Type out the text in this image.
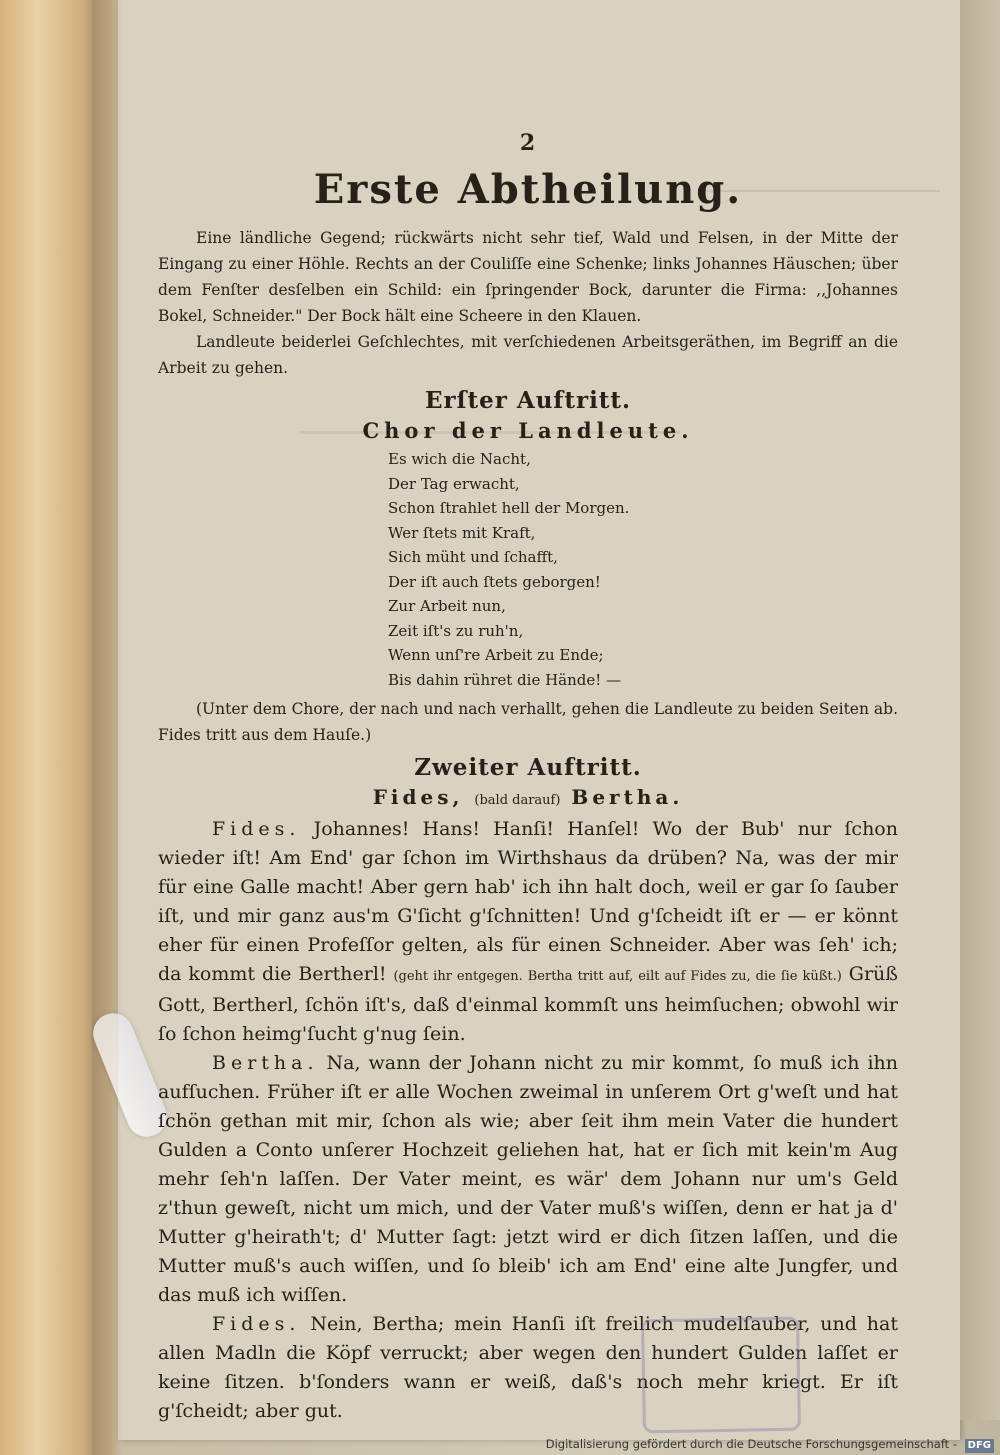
2
Erste Abtheilung.

Eine ländliche Gegend; rückwärts nicht sehr tief, Wald und Felsen, in der Mitte der Eingang zu einer Höhle. Rechts an der Couliſſe eine Schenke; links Johannes Häuschen; über dem Fenſter desſelben ein Schild: ein ſpringender Bock, darunter die Firma: ,,Johannes Bokel, Schneider." Der Bock hält eine Scheere in den Klauen.

Landleute beiderlei Geſchlechtes, mit verſchiedenen Arbeitsgeräthen, im Begriff an die Arbeit zu gehen.

Erſter Auftritt.
Chor der Landleute.
Es wich die Nacht,
Der Tag erwacht,
Schon ſtrahlet hell der Morgen.
Wer ſtets mit Kraft,
Sich müht und ſchafft,
Der iſt auch ſtets geborgen!
Zur Arbeit nun,
Zeit iſt's zu ruh'n,
Wenn unſ're Arbeit zu Ende;
Bis dahin rühret die Hände! —

(Unter dem Chore, der nach und nach verhallt, gehen die Landleute zu beiden Seiten ab. Fides tritt aus dem Hauſe.)

Zweiter Auftritt.
Fides, (bald darauf) Bertha.

Fides. Johannes! Hans! Hanſi! Hanſel! Wo der Bub' nur ſchon wieder iſt! Am End' gar ſchon im Wirthshaus da drüben? Na, was der mir für eine Galle macht! Aber gern hab' ich ihn halt doch, weil er gar ſo ſauber iſt, und mir ganz aus'm G'ſicht g'ſchnitten! Und g'ſcheidt iſt er — er könnt eher für einen Profeſſor gelten, als für einen Schneider. Aber was ſeh' ich; da kommt die Bertherl! (geht ihr entgegen. Bertha tritt auf, eilt auf Fides zu, die ſie küßt.) Grüß Gott, Bertherl, ſchön iſt's, daß d'einmal kommſt uns heimſuchen; obwohl wir ſo ſchon heimg'ſucht g'nug ſein.

Bertha. Na, wann der Johann nicht zu mir kommt, ſo muß ich ihn aufſuchen. Früher iſt er alle Wochen zweimal in unſerem Ort g'weſt und hat ſchön gethan mit mir, ſchon als wie; aber ſeit ihm mein Vater die hundert Gulden a Conto unſerer Hochzeit geliehen hat, hat er ſich mit kein'm Aug mehr ſeh'n laſſen. Der Vater meint, es wär' dem Johann nur um's Geld z'thun geweſt, nicht um mich, und der Vater muß's wiſſen, denn er hat ja d' Mutter g'heirath't; d' Mutter ſagt: jetzt wird er dich ſitzen laſſen, und die Mutter muß's auch wiſſen, und ſo bleib' ich am End' eine alte Jungfer, und das muß ich wiſſen.

Fides. Nein, Bertha; mein Hanſi iſt freilich mudelſauber, und hat allen Madln die Köpf verruckt; aber wegen den hundert Gulden laſſet er keine ſitzen. b'ſonders wann er weiß, daß's noch mehr kriegt. Er iſt g'ſcheidt; aber gut.

Digitalisierung gefördert durch die Deutsche Forschungsgemeinschaft - DFG
